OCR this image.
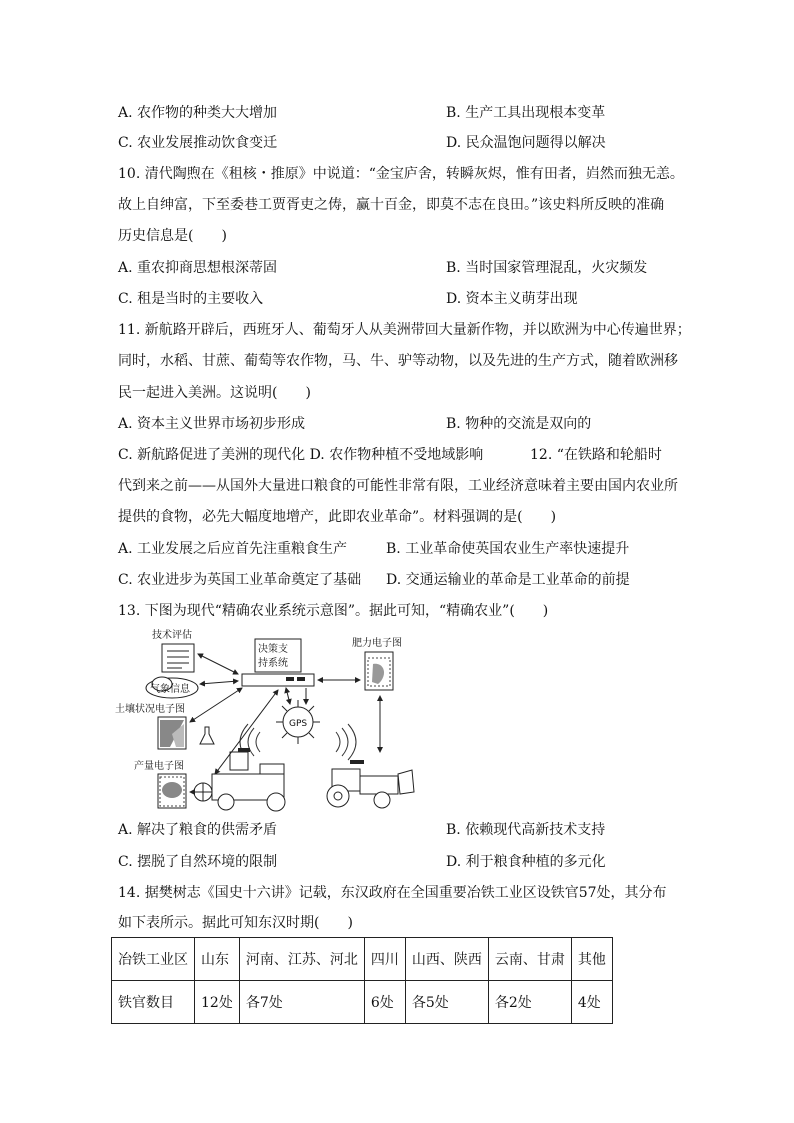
A. 农作物的种类大大增加	B. 生产工具出现根本变革
C. 农业发展推动饮食变迁	D. 民众温饱问题得以解决
10. 清代陶煦在《租核・推原》中说道：“金宝庐舍，转瞬灰烬，惟有田者，岿然而独无恙。
故上自绅富，下至委巷工贾胥吏之俦，赢十百金，即莫不志在良田。”该史料所反映的准确
历史信息是(　　)
A. 重农抑商思想根深蒂固	B. 当时国家管理混乱，火灾频发
C. 租是当时的主要收入	D. 资本主义萌芽出现
11. 新航路开辟后，西班牙人、葡萄牙人从美洲带回大量新作物，并以欧洲为中心传遍世界；
同时，水稻、甘蔗、葡萄等农作物，马、牛、驴等动物，以及先进的生产方式，随着欧洲移
民一起进入美洲。这说明(　　)
A. 资本主义世界市场初步形成	B. 物种的交流是双向的
C. 新航路促进了美洲的现代化 D. 农作物种植不受地域影响	12. “在铁路和轮船时
代到来之前——从国外大量进口粮食的可能性非常有限，工业经济意味着主要由国内农业所
提供的食物，必先大幅度地增产，此即农业革命”。材料强调的是(　　)
A. 工业发展之后应首先注重粮食生产	B. 工业革命使英国农业生产率快速提升
C. 农业进步为英国工业革命奠定了基础 D. 交通运输业的革命是工业革命的前提
13. 下图为现代“精确农业系统示意图”。据此可知，“精确农业”(　　)
技术评估
决策支
持系统
肥力电子图
气象信息
土壤状况电子图
GPS
产量电子图
A. 解决了粮食的供需矛盾	B. 依赖现代高新技术支持
C. 摆脱了自然环境的限制	D. 利于粮食种植的多元化
14. 据樊树志《国史十六讲》记载，东汉政府在全国重要冶铁工业区设铁官57处，其分布
如下表所示。据此可知东汉时期(　　)
冶铁工业区	山东	河南、江苏、河北	四川	山西、陕西	云南、甘肃	其他
铁官数目	12处	各7处	6处	各5处	各2处	4处
